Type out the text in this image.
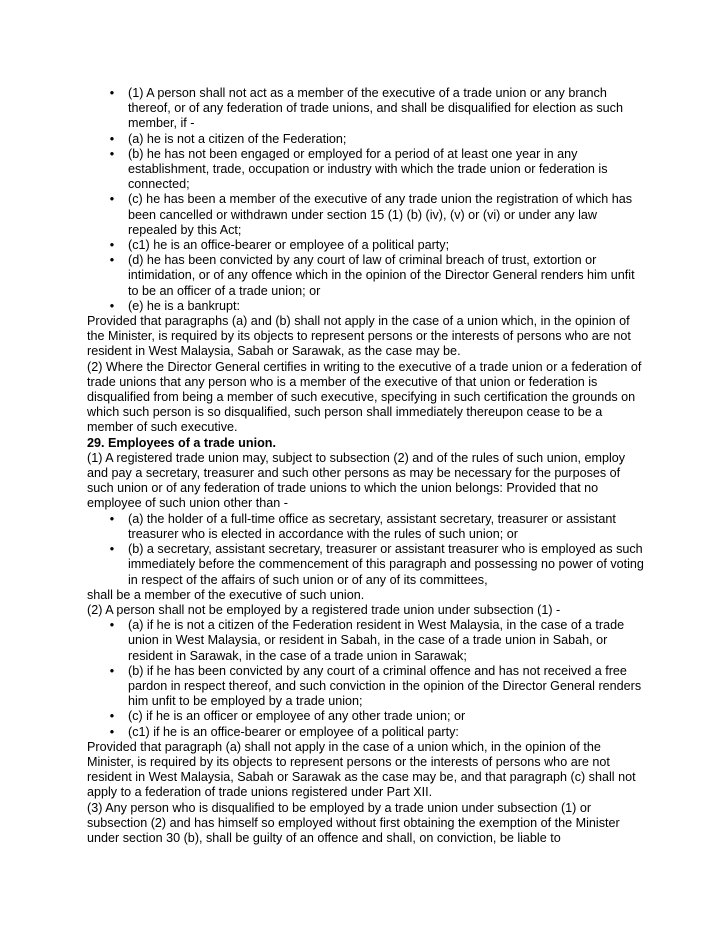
• (1) A person shall not act as a member of the executive of a trade union or any branch thereof, or of any federation of trade unions, and shall be disqualified for election as such member, if -
• (a) he is not a citizen of the Federation;
• (b) he has not been engaged or employed for a period of at least one year in any establishment, trade, occupation or industry with which the trade union or federation is connected;
• (c) he has been a member of the executive of any trade union the registration of which has been cancelled or withdrawn under section 15 (1) (b) (iv), (v) or (vi) or under any law repealed by this Act;
• (c1) he is an office-bearer or employee of a political party;
• (d) he has been convicted by any court of law of criminal breach of trust, extortion or intimidation, or of any offence which in the opinion of the Director General renders him unfit to be an officer of a trade union; or
• (e) he is a bankrupt:

Provided that paragraphs (a) and (b) shall not apply in the case of a union which, in the opinion of the Minister, is required by its objects to represent persons or the interests of persons who are not resident in West Malaysia, Sabah or Sarawak, as the case may be.

(2) Where the Director General certifies in writing to the executive of a trade union or a federation of trade unions that any person who is a member of the executive of that union or federation is disqualified from being a member of such executive, specifying in such certification the grounds on which such person is so disqualified, such person shall immediately thereupon cease to be a member of such executive.

29. Employees of a trade union.

(1) A registered trade union may, subject to subsection (2) and of the rules of such union, employ and pay a secretary, treasurer and such other persons as may be necessary for the purposes of such union or of any federation of trade unions to which the union belongs: Provided that no employee of such union other than -

• (a) the holder of a full-time office as secretary, assistant secretary, treasurer or assistant treasurer who is elected in accordance with the rules of such union; or
• (b) a secretary, assistant secretary, treasurer or assistant treasurer who is employed as such immediately before the commencement of this paragraph and possessing no power of voting in respect of the affairs of such union or of any of its committees,

shall be a member of the executive of such union.

(2) A person shall not be employed by a registered trade union under subsection (1) -

• (a) if he is not a citizen of the Federation resident in West Malaysia, in the case of a trade union in West Malaysia, or resident in Sabah, in the case of a trade union in Sabah, or resident in Sarawak, in the case of a trade union in Sarawak;
• (b) if he has been convicted by any court of a criminal offence and has not received a free pardon in respect thereof, and such conviction in the opinion of the Director General renders him unfit to be employed by a trade union;
• (c) if he is an officer or employee of any other trade union; or
• (c1) if he is an office-bearer or employee of a political party:

Provided that paragraph (a) shall not apply in the case of a union which, in the opinion of the Minister, is required by its objects to represent persons or the interests of persons who are not resident in West Malaysia, Sabah or Sarawak as the case may be, and that paragraph (c) shall not apply to a federation of trade unions registered under Part XII.

(3) Any person who is disqualified to be employed by a trade union under subsection (1) or subsection (2) and has himself so employed without first obtaining the exemption of the Minister under section 30 (b), shall be guilty of an offence and shall, on conviction, be liable to
